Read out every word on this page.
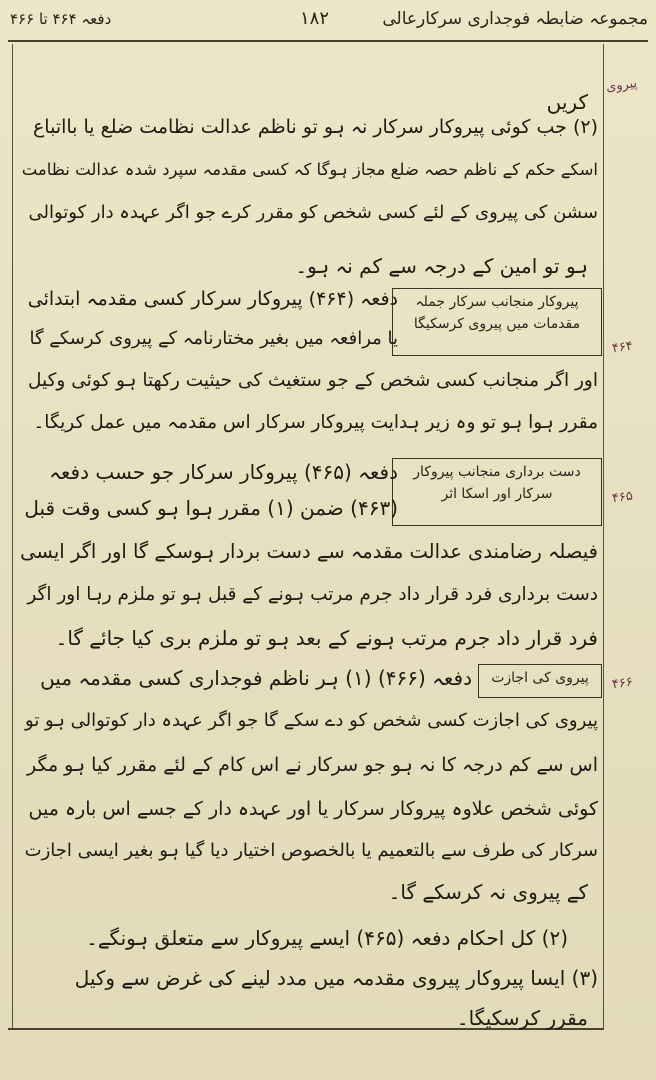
دفعہ ۴۶۴ تا ۴۶۶	۱۸۲	مجموعہ ضابطہ فوجداری سرکارعالی
پیروی
۴۶۴
۴۶۵
۴۶۶
پیروکار منجانب سرکار جملہ مقدمات میں پیروی کرسکیگا
دست برداری منجانب پیروکار سرکار اور اسکا اثر
پیروی کی اجازت
کریں
(۲) جب کوئی پیروکار سرکار نہ ہو تو ناظم عدالت نظامت ضلع یا بااتباع
اسکے حکم کے ناظم حصہ ضلع مجاز ہوگا کہ کسی مقدمہ سپرد شدہ عدالت نظامت
سشن کی پیروی کے لئے کسی شخص کو مقرر کرے جو اگر عہدہ دار کوتوالی
ہو تو امین کے درجہ سے کم نہ ہو۔
دفعہ (۴۶۴) پیروکار سرکار کسی مقدمہ ابتدائی
یا مرافعہ میں بغیر مختارنامہ کے پیروی کرسکے گا
اور اگر منجانب کسی شخص کے جو ستغیث کی حیثیت رکھتا ہو کوئی وکیل
مقرر ہوا ہو تو وہ زیر ہدایت پیروکار سرکار اس مقدمہ میں عمل کریگا۔
دفعہ (۴۶۵) پیروکار سرکار جو حسب دفعہ
(۴۶۳) ضمن (۱) مقرر ہوا ہو کسی وقت قبل
فیصلہ رضامندی عدالت مقدمہ سے دست بردار ہوسکے گا اور اگر ایسی
دست برداری فرد قرار داد جرم مرتب ہونے کے قبل ہو تو ملزم رہا اور اگر
فرد قرار داد جرم مرتب ہونے کے بعد ہو تو ملزم بری کیا جائے گا۔
دفعہ (۴۶۶) (۱) ہر ناظم فوجداری کسی مقدمہ میں
پیروی کی اجازت کسی شخص کو دے سکے گا جو اگر عہدہ دار کوتوالی ہو تو
اس سے کم درجہ کا نہ ہو جو سرکار نے اس کام کے لئے مقرر کیا ہو مگر
کوئی شخص علاوہ پیروکار سرکار یا اور عہدہ دار کے جسے اس بارہ میں
سرکار کی طرف سے بالتعمیم یا بالخصوص اختیار دیا گیا ہو بغیر ایسی اجازت
کے پیروی نہ کرسکے گا۔
(۲) کل احکام دفعہ (۴۶۵) ایسے پیروکار سے متعلق ہونگے۔
(۳) ایسا پیروکار پیروی مقدمہ میں مدد لینے کی غرض سے وکیل
مقرر کرسکیگا۔
